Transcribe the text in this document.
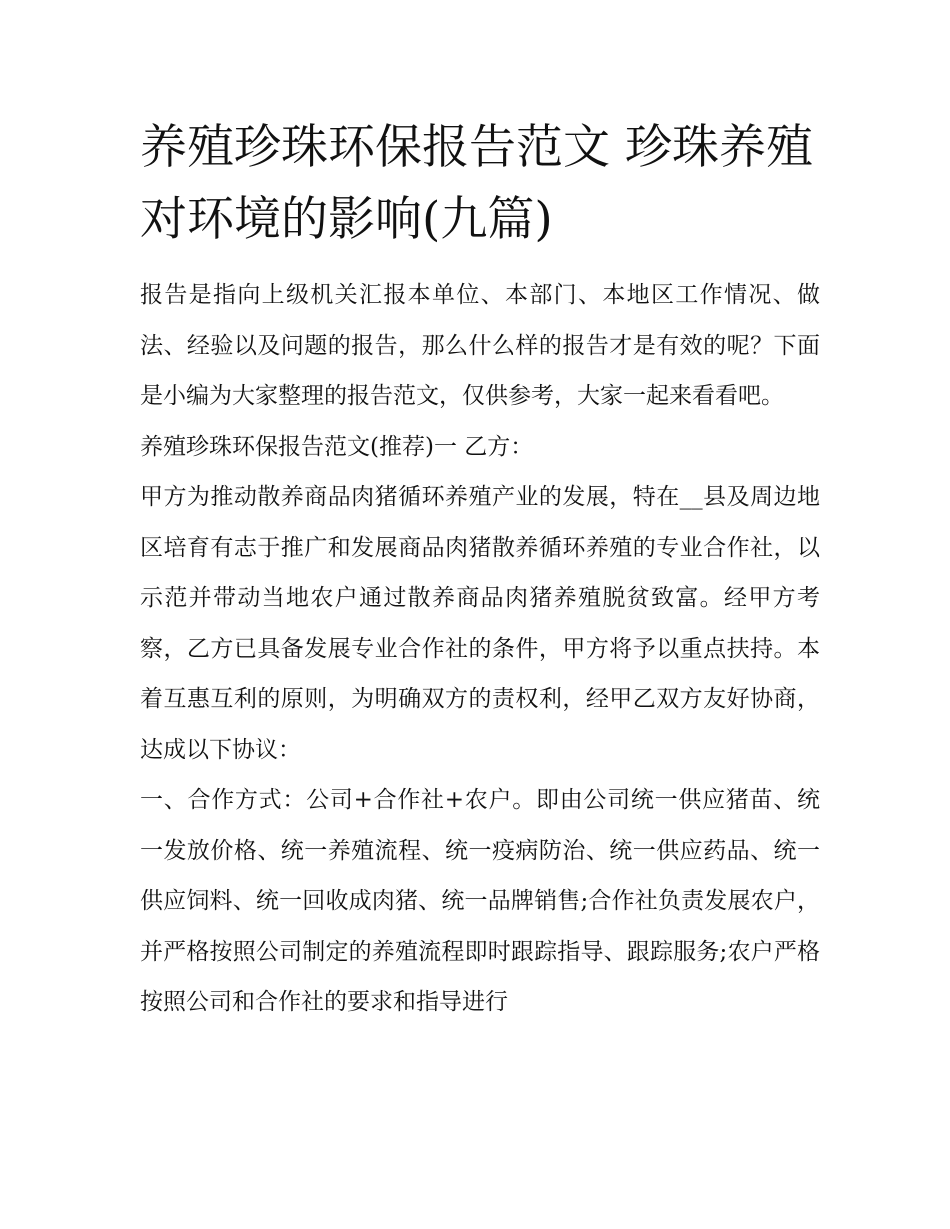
养殖珍珠环保报告范文 珍珠养殖对环境的影响(九篇)

报告是指向上级机关汇报本单位、本部门、本地区工作情况、做法、经验以及问题的报告，那么什么样的报告才是有效的呢？下面是小编为大家整理的报告范文，仅供参考，大家一起来看看吧。

养殖珍珠环保报告范文(推荐)一 乙方：

甲方为推动散养商品肉猪循环养殖产业的发展，特在__县及周边地区培育有志于推广和发展商品肉猪散养循环养殖的专业合作社，以示范并带动当地农户通过散养商品肉猪养殖脱贫致富。经甲方考察，乙方已具备发展专业合作社的条件，甲方将予以重点扶持。本着互惠互利的原则，为明确双方的责权利，经甲乙双方友好协商，达成以下协议：

一、合作方式：公司+合作社+农户。即由公司统一供应猪苗、统一发放价格、统一养殖流程、统一疫病防治、统一供应药品、统一供应饲料、统一回收成肉猪、统一品牌销售;合作社负责发展农户，并严格按照公司制定的养殖流程即时跟踪指导、跟踪服务;农户严格按照公司和合作社的要求和指导进行
